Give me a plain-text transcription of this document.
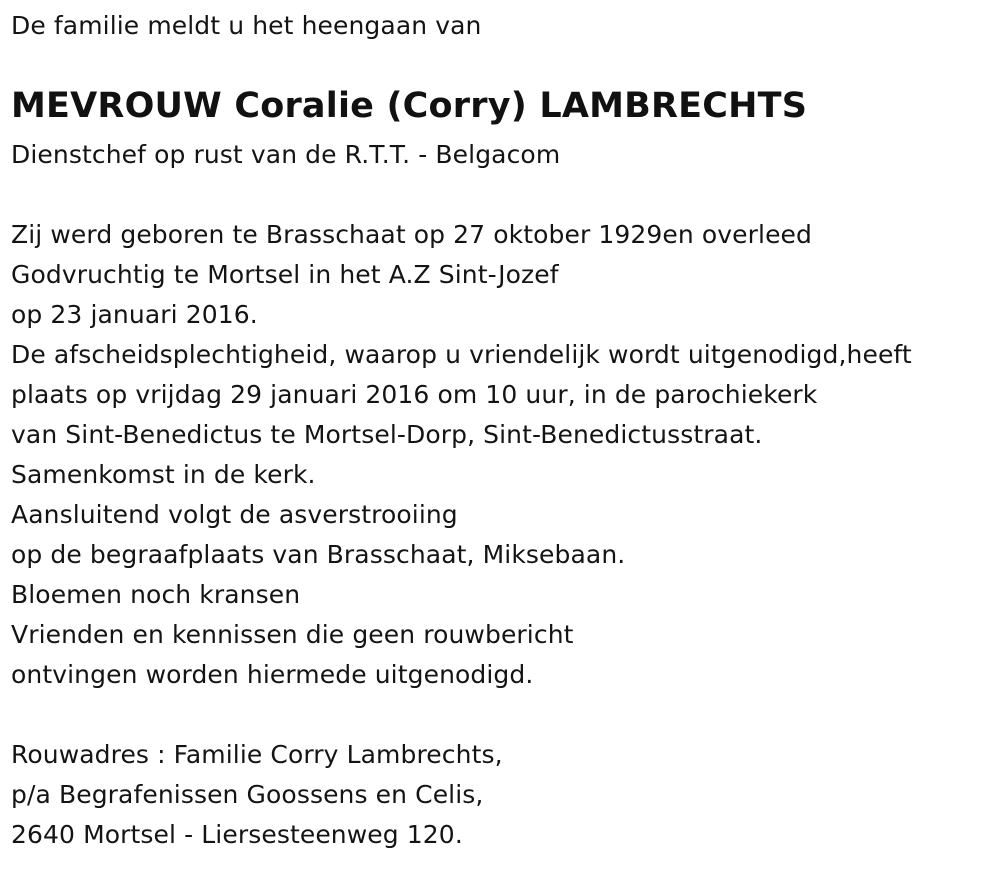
De familie meldt u het heengaan van
MEVROUW Coralie (Corry) LAMBRECHTS
Dienstchef op rust van de R.T.T. - Belgacom
Zij werd geboren te Brasschaat op 27 oktober 1929en overleed
Godvruchtig te Mortsel in het A.Z Sint-Jozef
op 23 januari 2016.
De afscheidsplechtigheid, waarop u vriendelijk wordt uitgenodigd,heeft
plaats op vrijdag 29 januari 2016 om 10 uur, in de parochiekerk
van Sint-Benedictus te Mortsel-Dorp, Sint-Benedictusstraat.
Samenkomst in de kerk.
Aansluitend volgt de asverstrooiing
op de begraafplaats van Brasschaat, Miksebaan.
Bloemen noch kransen
Vrienden en kennissen die geen rouwbericht
ontvingen worden hiermede uitgenodigd.
Rouwadres : Familie Corry Lambrechts,
p/a Begrafenissen Goossens en Celis,
2640 Mortsel - Liersesteenweg 120.
